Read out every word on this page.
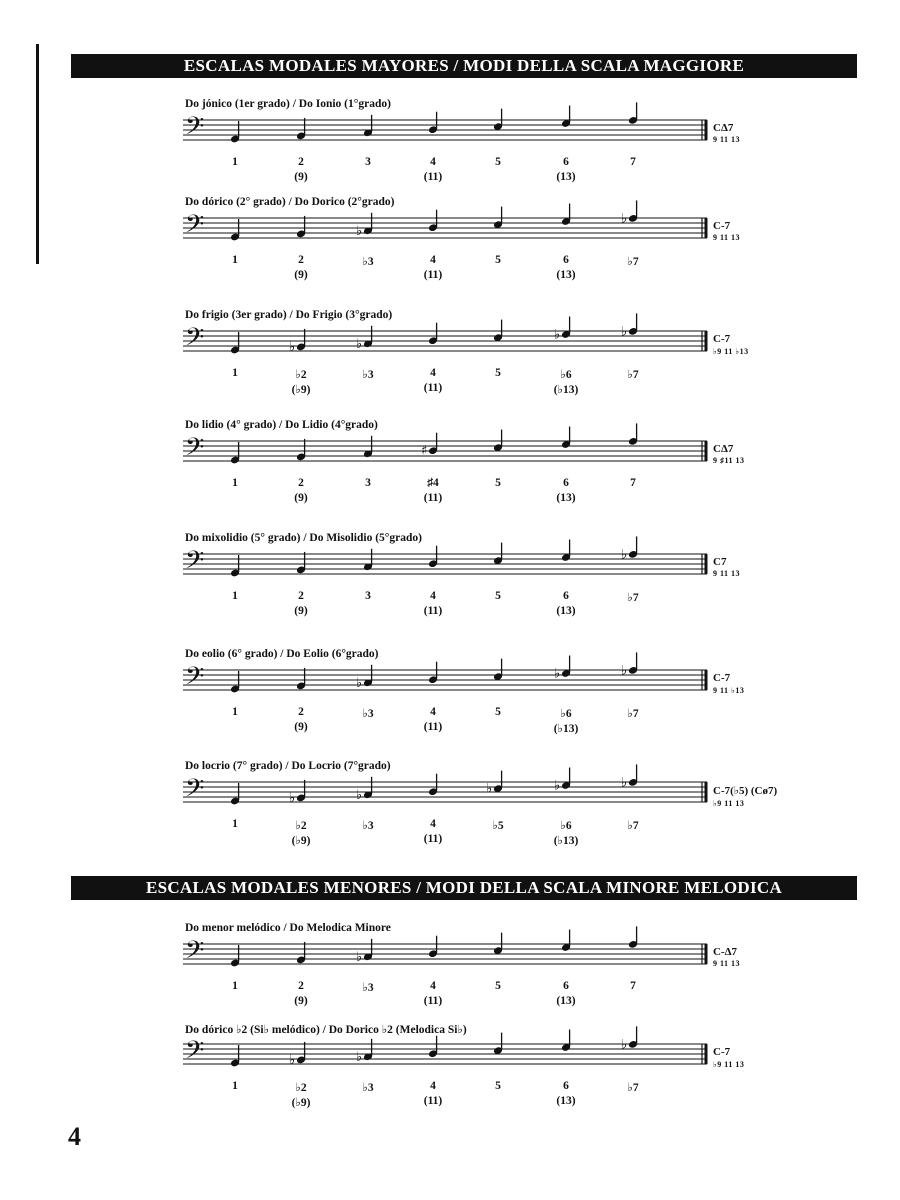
ESCALAS MODALES MAYORES / MODI DELLA SCALA MAGGIORE
ESCALAS MODALES MENORES / MODI DELLA SCALA MINORE MELODICA
Do jónico (1er grado) / Do Ionio (1°grado)
1	2
(9)
3	4
(11)
5	6
(13)
7
𝄢	CΔ7
9 11 13
Do dórico (2° grado) / Do Dorico (2°grado)
1	2
(9)
♭3	4
(11)
5	6
(13)
♭7
𝄢	♭
♭	C-7
9 11 13
Do frigio (3er grado) / Do Frigio (3°grado)
1	♭2
(♭9)
♭3	4
(11)
5	♭6
(♭13)
♭7
𝄢	♭	♭
♭	♭	C-7
♭9 11 ♭13
Do lidio (4° grado) / Do Lidio (4°grado)
1	2
(9)
3	♯4
(11)
5	6
(13)
7
𝄢	♯	CΔ7
9 ♯11 13
Do mixolidio (5° grado) / Do Misolidio (5°grado)
1	2
(9)
3	4
(11)
5	6
(13)
♭7
𝄢	♭	C7
9 11 13
Do eolio (6° grado) / Do Eolio (6°grado)
1	2
(9)
♭3	4
(11)
5	♭6
(♭13)
♭7
𝄢	♭
♭	♭	C-7
9 11 ♭13
Do locrio (7° grado) / Do Locrio (7°grado)
1	♭2
(♭9)
♭3	4
(11)
♭5	♭6
(♭13)
♭7
𝄢	♭	♭	♭	♭	♭
C-7(♭5) (Cø7)
♭9 11 13
Do menor melódico / Do Melodica Minore
1	2
(9)
♭3	4
(11)
5	6
(13)
7
𝄢	♭	C-Δ7
9 11 13
Do dórico ♭2 (Si♭ melódico) / Do Dorico ♭2 (Melodica Si♭)
1	♭2
(♭9)
♭3	4
(11)
5	6
(13)
♭7
𝄢	♭	♭
♭	C-7
♭9 11 13
4
